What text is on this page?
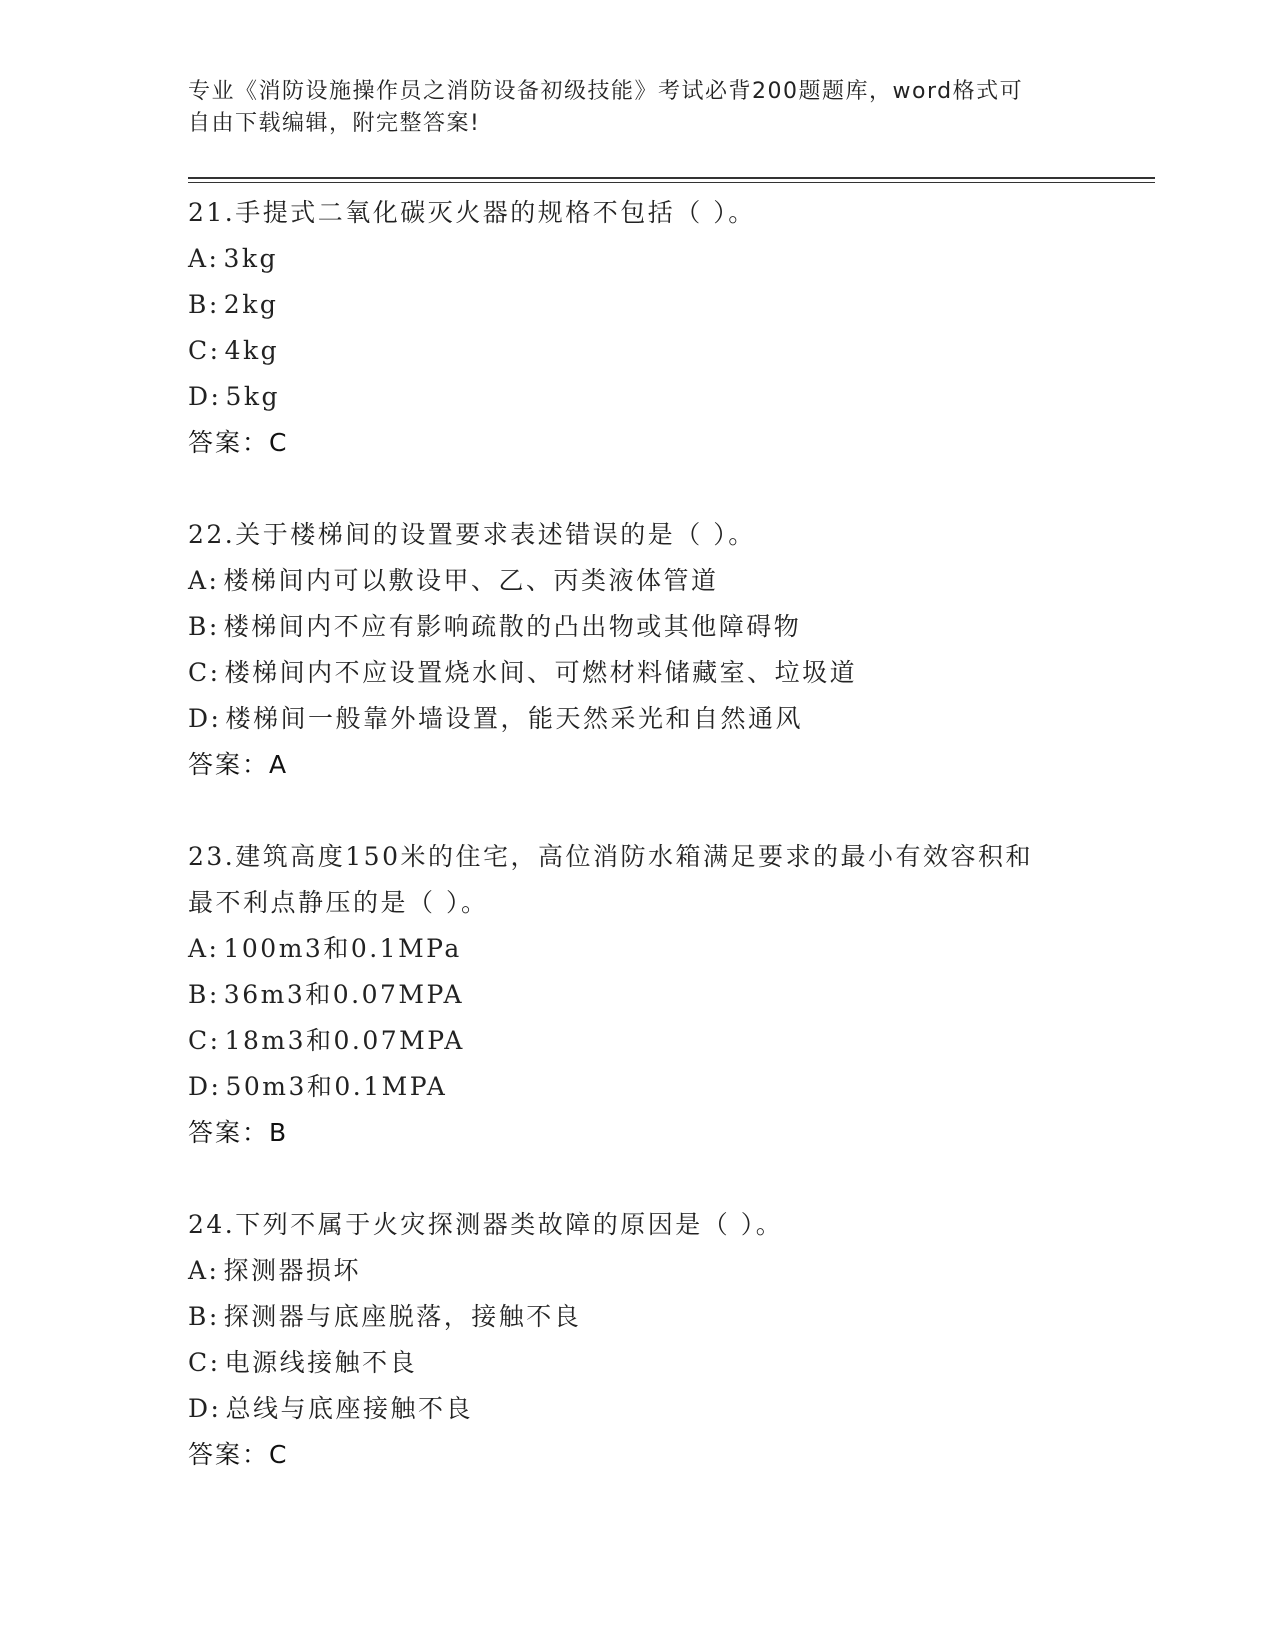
专业《消防设施操作员之消防设备初级技能》考试必背200题题库，word格式可
自由下载编辑，附完整答案!
21.手提式二氧化碳灭火器的规格不包括（ ）。
A: 3kg
B: 2kg
C: 4kg
D: 5kg
答案：C
22.关于楼梯间的设置要求表述错误的是（ ）。
A: 楼梯间内可以敷设甲、乙、丙类液体管道
B: 楼梯间内不应有影响疏散的凸出物或其他障碍物
C: 楼梯间内不应设置烧水间、可燃材料储藏室、垃圾道
D: 楼梯间一般靠外墙设置，能天然采光和自然通风
答案：A
23.建筑高度150米的住宅，高位消防水箱满足要求的最小有效容积和
最不利点静压的是（ ）。
A: 100m3和0.1MPa
B: 36m3和0.07MPA
C: 18m3和0.07MPA
D: 50m3和0.1MPA
答案：B
24.下列不属于火灾探测器类故障的原因是（ ）。
A: 探测器损坏
B: 探测器与底座脱落，接触不良
C: 电源线接触不良
D: 总线与底座接触不良
答案：C
